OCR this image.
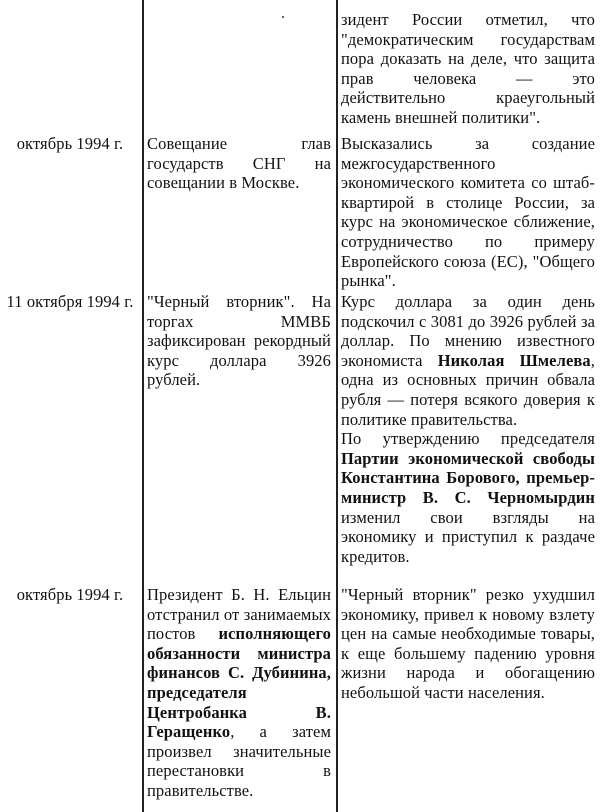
зидент России отметил, что "демократическим государствам пора доказать на деле, что защита прав человека — это действительно краеугольный камень внешней политики".

октябрь 1994 г.	Совещание глав государств СНГ на совещании в Москве.

Высказались за создание межгосударственного экономического комитета со штаб-квартирой в столице России, за курс на экономическое сближение, сотрудничество по примеру Европейского союза (ЕС), "Общего рынка".

11 октября 1994 г. "Черный вторник". На торгах ММВБ зафиксирован рекордный курс доллара 3926 рублей.

Курс доллара за один день подскочил с 3081 до 3926 рублей за доллар. По мнению известного экономиста Николая Шмелева, одна из основных причин обвала рубля — потеря всякого доверия к политике правительства.

По утверждению председателя Партии экономической свободы Константина Борового, премьер-министр В. С. Черномырдин изменил свои взгляды на экономику и приступил к раздаче кредитов.

октябрь 1994 г.	Президент Б. Н. Ельцин отстранил от занимаемых постов исполняющего обязанности министра финансов С. Дубинина, председателя Центробанка В. Геращенко, а затем произвел значительные перестановки в правительстве.

"Черный вторник" резко ухудшил экономику, привел к новому взлету цен на самые необходимые товары, к еще большему падению уровня жизни народа и обогащению небольшой части населения.
